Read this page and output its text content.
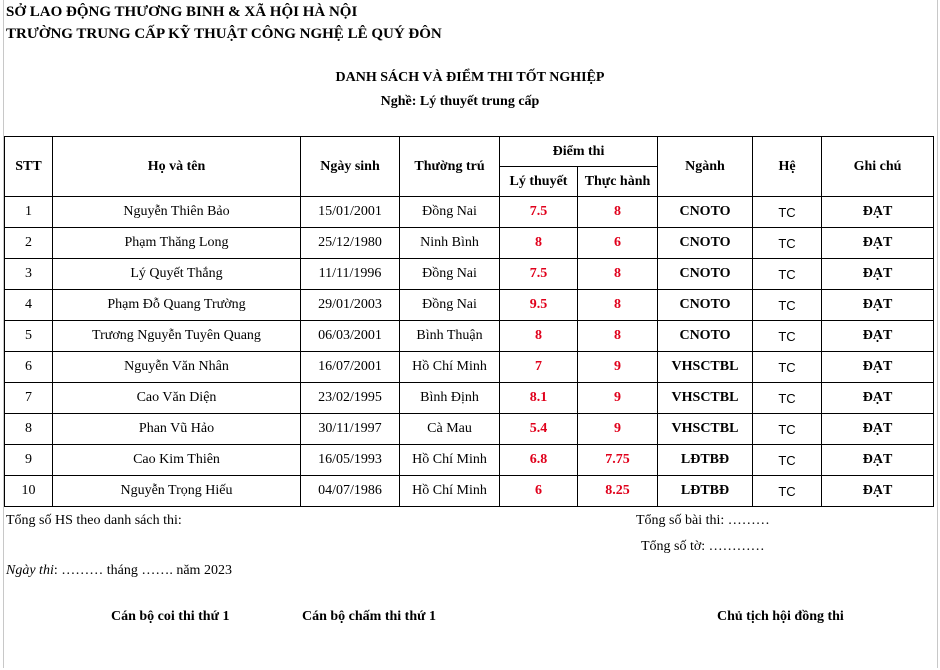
SỞ LAO ĐỘNG THƯƠNG BINH & XÃ HỘI HÀ NỘI
TRƯỜNG TRUNG CẤP KỸ THUẬT CÔNG NGHỆ LÊ QUÝ ĐÔN
DANH SÁCH VÀ ĐIỂM THI TỐT NGHIỆP
Nghề: Lý thuyết trung cấp
STT	Họ và tên	Ngày sinh	Thường trú	Điểm thi		Ngành	Hệ	Ghi chú
				Lý thuyết	Thực hành			
1	Nguyễn Thiên Bảo	15/01/2001	Đồng Nai	7.5	8	CNOTO	TC	ĐẠT
2	Phạm Thăng Long	25/12/1980	Ninh Bình	8	6	CNOTO	TC	ĐẠT
3	Lý Quyết Thắng	11/11/1996	Đồng Nai	7.5	8	CNOTO	TC	ĐẠT
4	Phạm Đỗ Quang Trường	29/01/2003	Đồng Nai	9.5	8	CNOTO	TC	ĐẠT
5	Trương Nguyễn Tuyên Quang	06/03/2001	Bình Thuận	8	8	CNOTO	TC	ĐẠT
6	Nguyễn Văn Nhân	16/07/2001	Hồ Chí Minh	7	9	VHSCTBL	TC	ĐẠT
7	Cao Văn Diện	23/02/1995	Bình Định	8.1	9	VHSCTBL	TC	ĐẠT
8	Phan Vũ Hảo	30/11/1997	Cà Mau	5.4	9	VHSCTBL	TC	ĐẠT
9	Cao Kim Thiên	16/05/1993	Hồ Chí Minh	6.8	7.75	LĐTBĐ	TC	ĐẠT
10	Nguyễn Trọng Hiếu	04/07/1986	Hồ Chí Minh	6	8.25	LĐTBĐ	TC	ĐẠT
Tổng số HS theo danh sách thi:	Tổng số bài thi: ………
Tổng số tờ: …………
Ngày thi: ……… tháng ……. năm 2023
Cán bộ coi thi thứ 1	Cán bộ chấm thi thứ 1	Chủ tịch hội đồng thi
